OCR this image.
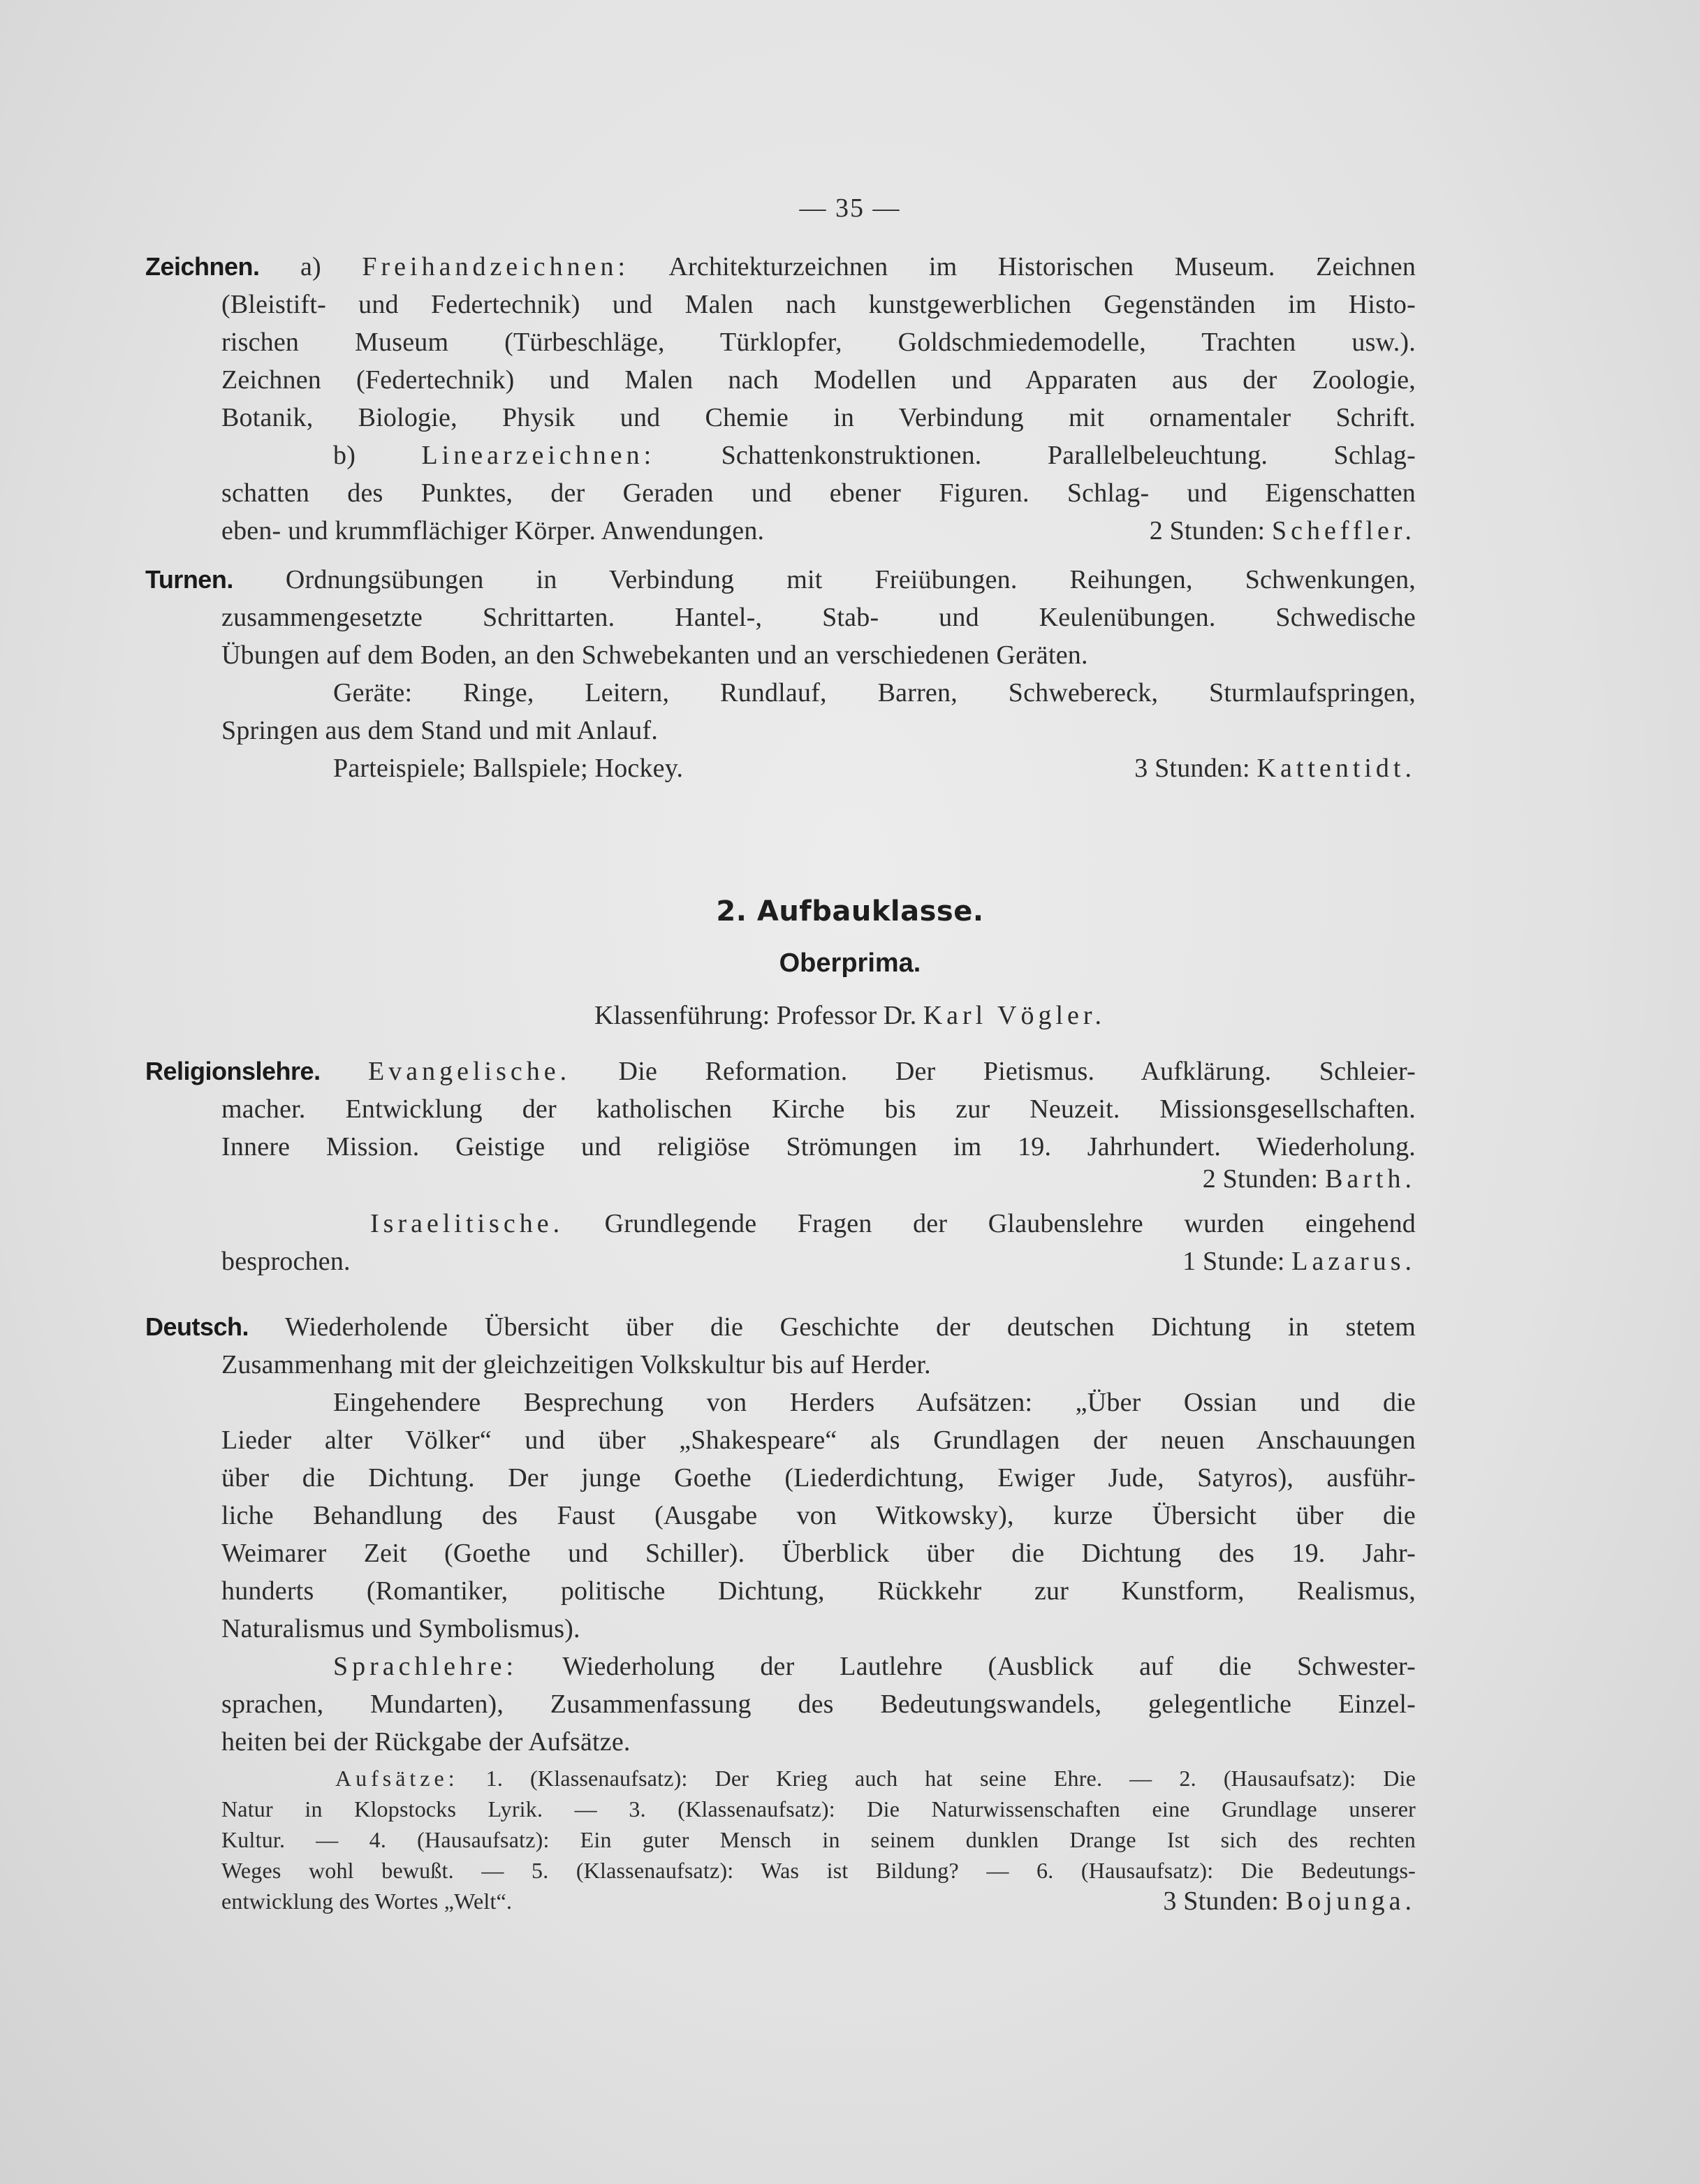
— 35 —
Zeichnen. a) Freihandzeichnen: Architekturzeichnen im Historischen Museum. Zeichnen
(Bleistift- und Federtechnik) und Malen nach kunstgewerblichen Gegenständen im Histo-
rischen Museum (Türbeschläge, Türklopfer, Goldschmiedemodelle, Trachten usw.).
Zeichnen (Federtechnik) und Malen nach Modellen und Apparaten aus der Zoologie,
Botanik, Biologie, Physik und Chemie in Verbindung mit ornamentaler Schrift.
b) Linearzeichnen: Schattenkonstruktionen. Parallelbeleuchtung. Schlag-
schatten des Punktes, der Geraden und ebener Figuren. Schlag- und Eigenschatten
eben- und krummflächiger Körper. Anwendungen.	2 Stunden: Scheffler.
Turnen. Ordnungsübungen in Verbindung mit Freiübungen. Reihungen, Schwenkungen,
zusammengesetzte Schrittarten. Hantel-, Stab- und Keulenübungen. Schwedische
Übungen auf dem Boden, an den Schwebekanten und an verschiedenen Geräten.
Geräte: Ringe, Leitern, Rundlauf, Barren, Schwebereck, Sturmlaufspringen,
Springen aus dem Stand und mit Anlauf.
Parteispiele; Ballspiele; Hockey.	3 Stunden: Kattentidt.
2. Aufbauklasse.
Oberprima.
Klassenführung: Professor Dr. Karl Vögler.
Religionslehre. Evangelische. Die Reformation. Der Pietismus. Aufklärung. Schleier-
macher. Entwicklung der katholischen Kirche bis zur Neuzeit. Missionsgesellschaften.
Innere Mission. Geistige und religiöse Strömungen im 19. Jahrhundert. Wiederholung.
2 Stunden: Barth.
Israelitische. Grundlegende Fragen der Glaubenslehre wurden eingehend
besprochen.	1 Stunde: Lazarus.
Deutsch. Wiederholende Übersicht über die Geschichte der deutschen Dichtung in stetem
Zusammenhang mit der gleichzeitigen Volkskultur bis auf Herder.
Eingehendere Besprechung von Herders Aufsätzen: „Über Ossian und die
Lieder alter Völker“ und über „Shakespeare“ als Grundlagen der neuen Anschauungen
über die Dichtung. Der junge Goethe (Liederdichtung, Ewiger Jude, Satyros), ausführ-
liche Behandlung des Faust (Ausgabe von Witkowsky), kurze Übersicht über die
Weimarer Zeit (Goethe und Schiller). Überblick über die Dichtung des 19. Jahr-
hunderts (Romantiker, politische Dichtung, Rückkehr zur Kunstform, Realismus,
Naturalismus und Symbolismus).
Sprachlehre: Wiederholung der Lautlehre (Ausblick auf die Schwester-
sprachen, Mundarten), Zusammenfassung des Bedeutungswandels, gelegentliche Einzel-
heiten bei der Rückgabe der Aufsätze.
Aufsätze: 1. (Klassenaufsatz): Der Krieg auch hat seine Ehre. — 2. (Hausaufsatz): Die
Natur in Klopstocks Lyrik. — 3. (Klassenaufsatz): Die Naturwissenschaften eine Grundlage unserer
Kultur. — 4. (Hausaufsatz): Ein guter Mensch in seinem dunklen Drange Ist sich des rechten
Weges wohl bewußt. — 5. (Klassenaufsatz): Was ist Bildung? — 6. (Hausaufsatz): Die Bedeutungs-
entwicklung des Wortes „Welt“.	3 Stunden: Bojunga.
